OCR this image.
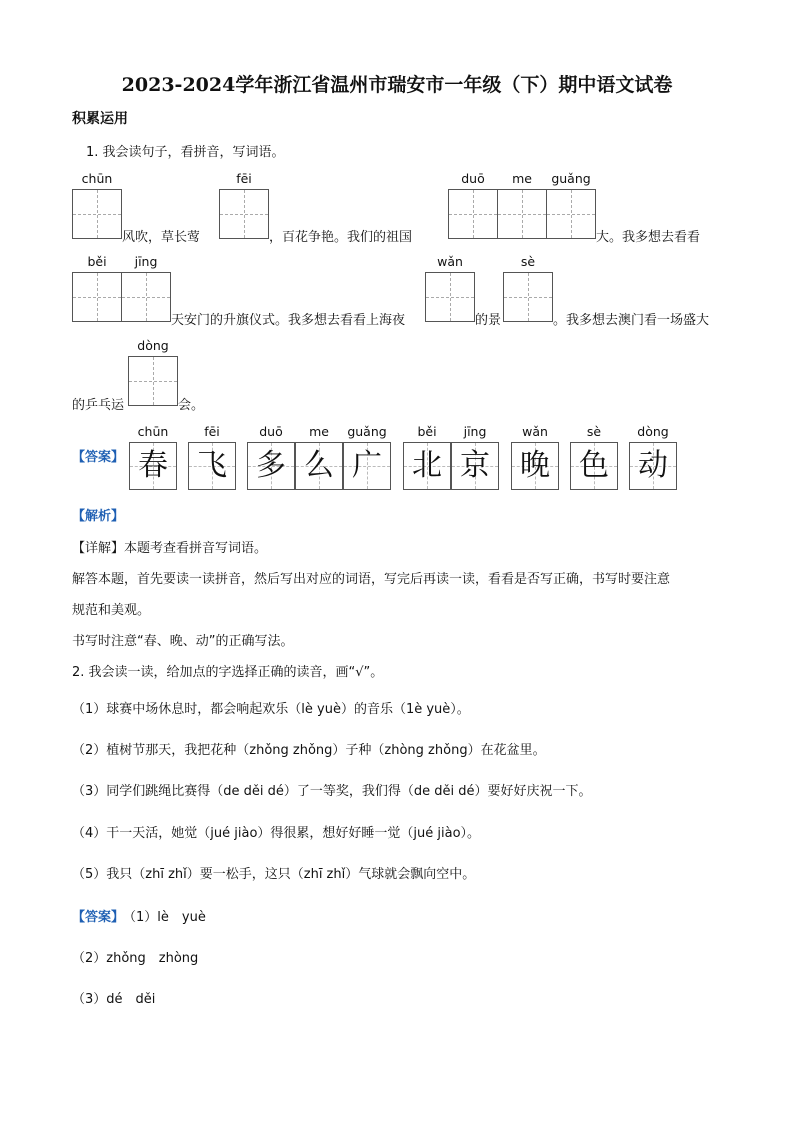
2023-2024学年浙江省温州市瑞安市一年级（下）期中语文试卷
积累运用
1. 我会读句子，看拼音，写词语。
chūn
风吹，草长莺
fēi
，百花争艳。我们的祖国
duō	me	guǎng
大。我多想去看看
běi	jīng
天安门的升旗仪式。我多想去看看上海夜
wǎn
的景
sè
。我多想去澳门看一场盛大
的乒乓运
dòng
会。
【答案】
chūn	fēi	duō	me	guǎng	běi	jīng	wǎn	sè	dòng
春 飞 多 么 广	北 京	晚 色 动
【解析】
【详解】本题考查看拼音写词语。
解答本题，首先要读一读拼音，然后写出对应的词语，写完后再读一读，看看是否写正确，书写时要注意
规范和美观。
书写时注意“春、晚、动”的正确写法。
2. 我会读一读，给加点的字选择正确的读音，画“√”。
（1）球赛中场休息时，都会响起欢乐（lè yuè）的音乐（1è yuè）。
（2）植树节那天，我把花种（zhǒng zhǒng）子种（zhòng zhǒng）在花盆里。
（3）同学们跳绳比赛得（de děi dé）了一等奖，我们得（de děi dé）要好好庆祝一下。
（4）干一天活，她觉（jué jiào）得很累，想好好睡一觉（jué jiào）。
（5）我只（zhī zhǐ）要一松手，这只（zhī zhǐ）气球就会飘向空中。
【答案】
（1）lè　yuè
（2）zhǒng　zhòng
（3）dé　děi
